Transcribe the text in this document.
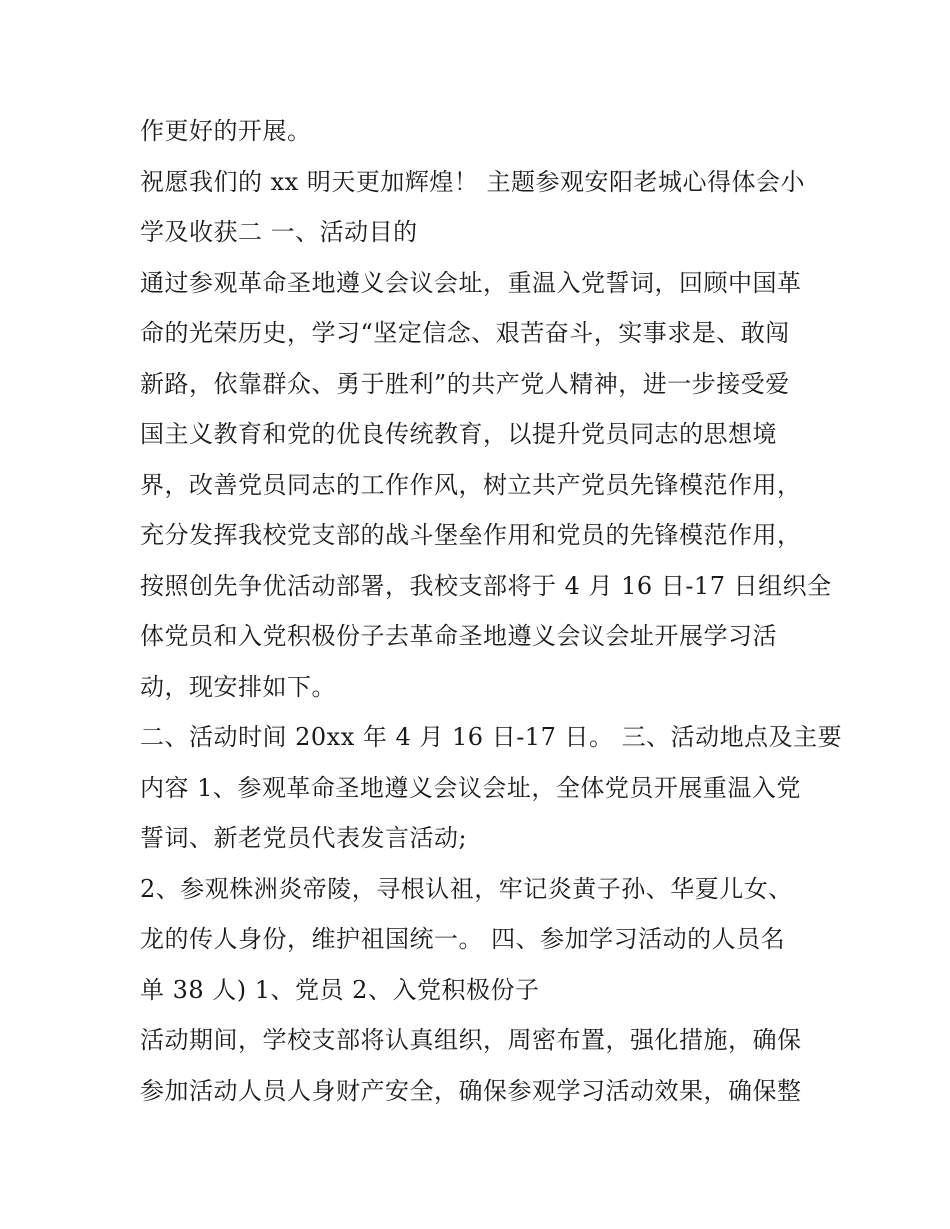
作更好的开展。
祝愿我们的 xx 明天更加辉煌！ 主题参观安阳老城心得体会小
学及收获二 一、活动目的
通过参观革命圣地遵义会议会址，重温入党誓词，回顾中国革
命的光荣历史，学习“坚定信念、艰苦奋斗，实事求是、敢闯
新路，依靠群众、勇于胜利”的共产党人精神，进一步接受爱
国主义教育和党的优良传统教育，以提升党员同志的思想境
界，改善党员同志的工作作风，树立共产党员先锋模范作用，
充分发挥我校党支部的战斗堡垒作用和党员的先锋模范作用，
按照创先争优活动部署，我校支部将于 4 月 16 日-17 日组织全
体党员和入党积极份子去革命圣地遵义会议会址开展学习活
动，现安排如下。
二、活动时间 20xx 年 4 月 16 日-17 日。 三、活动地点及主要
内容 1、参观革命圣地遵义会议会址，全体党员开展重温入党
誓词、新老党员代表发言活动;
2、参观株洲炎帝陵，寻根认祖，牢记炎黄子孙、华夏儿女、
龙的传人身份，维护祖国统一。 四、参加学习活动的人员名
单 38 人) 1、党员 2、入党积极份子
活动期间，学校支部将认真组织，周密布置，强化措施，确保
参加活动人员人身财产安全，确保参观学习活动效果，确保整
